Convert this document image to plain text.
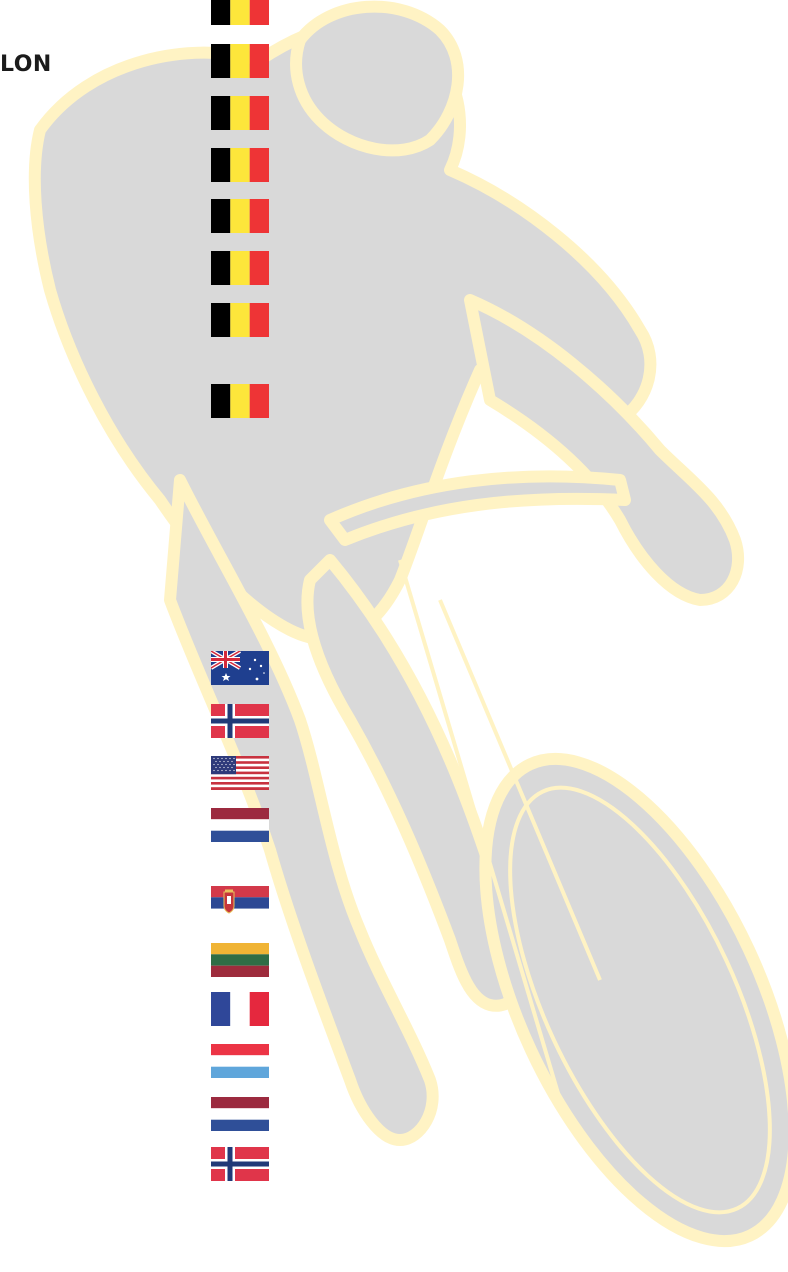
LON
